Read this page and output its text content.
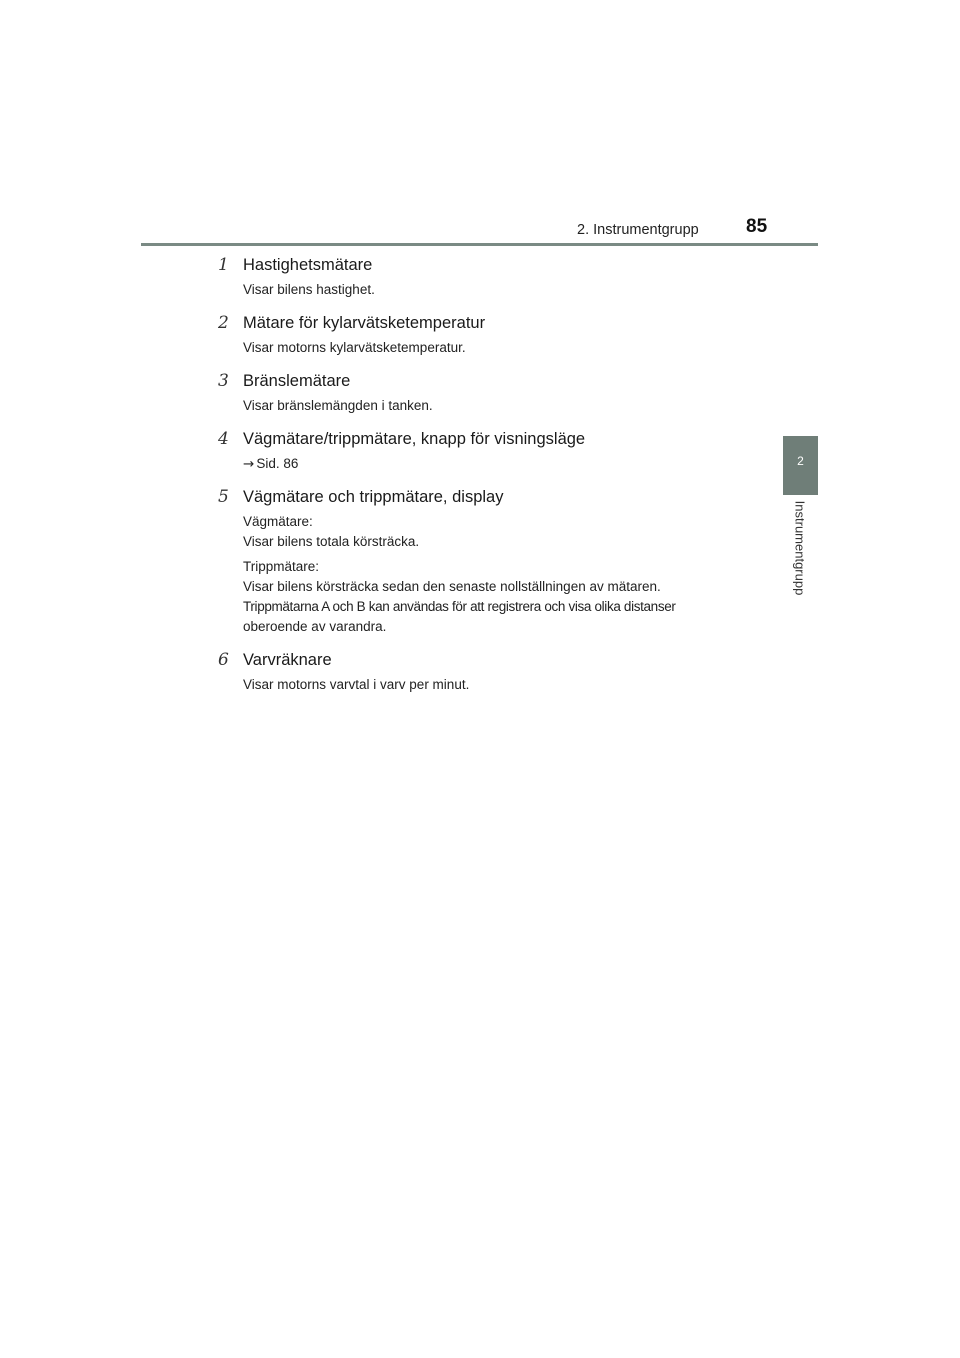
2. Instrumentgrupp 85
2
Instrumentgrupp
1 Hastighetsmätare
Visar bilens hastighet.
2 Mätare för kylarvätsketemperatur
Visar motorns kylarvätsketemperatur.
3 Bränslemätare
Visar bränslemängden i tanken.
4 Vägmätare/trippmätare, knapp för visningsläge
→ Sid. 86
5 Vägmätare och trippmätare, display
Vägmätare:
Visar bilens totala körsträcka.
Trippmätare:
Visar bilens körsträcka sedan den senaste nollställningen av mätaren.
Trippmätarna A och B kan användas för att registrera och visa olika distanser
oberoende av varandra.
6 Varvräknare
Visar motorns varvtal i varv per minut.
